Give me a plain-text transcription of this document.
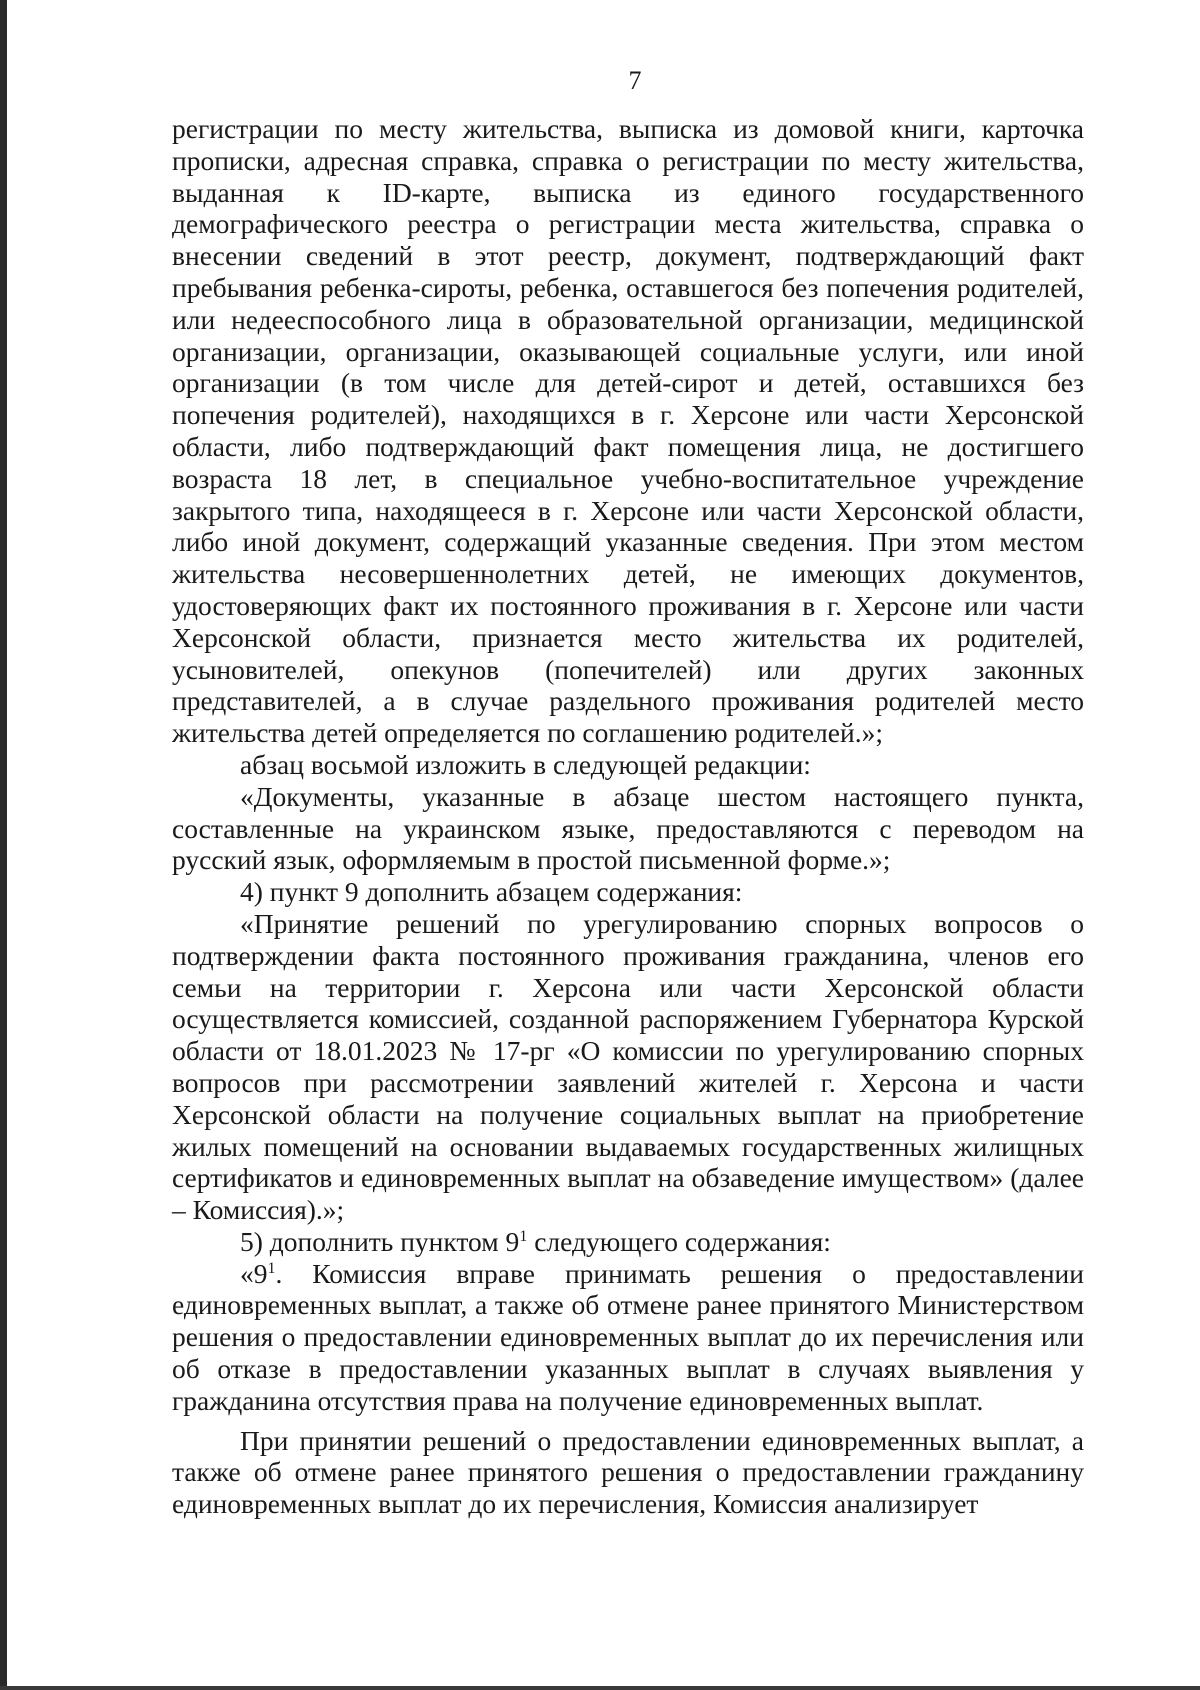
7

регистрации по месту жительства, выписка из домовой книги, карточка прописки, адресная справка, справка о регистрации по месту жительства, выданная к ID-карте, выписка из единого государственного демографического реестра о регистрации места жительства, справка о внесении сведений в этот реестр, документ, подтверждающий факт пребывания ребенка-сироты, ребенка, оставшегося без попечения родителей, или недееспособного лица в образовательной организации, медицинской организации, организации, оказывающей социальные услуги, или иной организации (в том числе для детей-сирот и детей, оставшихся без попечения родителей), находящихся в г. Херсоне или части Херсонской области, либо подтверждающий факт помещения лица, не достигшего возраста 18 лет, в специальное учебно-воспитательное учреждение закрытого типа, находящееся в г. Херсоне или части Херсонской области, либо иной документ, содержащий указанные сведения. При этом местом жительства несовершеннолетних детей, не имеющих документов, удостоверяющих факт их постоянного проживания в г. Херсоне или части Херсонской области, признается место жительства их родителей, усыновителей, опекунов (попечителей) или других законных представителей, а в случае раздельного проживания родителей место жительства детей определяется по соглашению родителей.»;

абзац восьмой изложить в следующей редакции:

«Документы, указанные в абзаце шестом настоящего пункта, составленные на украинском языке, предоставляются с переводом на русский язык, оформляемым в простой письменной форме.»;

4) пункт 9 дополнить абзацем содержания:

«Принятие решений по урегулированию спорных вопросов о подтверждении факта постоянного проживания гражданина, членов его семьи на территории г. Херсона или части Херсонской области осуществляется комиссией, созданной распоряжением Губернатора Курской области от 18.01.2023 № 17-рг «О комиссии по урегулированию спорных вопросов при рассмотрении заявлений жителей г. Херсона и части Херсонской области на получение социальных выплат на приобретение жилых помещений на основании выдаваемых государственных жилищных сертификатов и единовременных выплат на обзаведение имуществом» (далее – Комиссия).»;

5) дополнить пунктом $9^1$ следующего содержания:

«$9^1$. Комиссия вправе принимать решения о предоставлении единовременных выплат, а также об отмене ранее принятого Министерством решения о предоставлении единовременных выплат до их перечисления или об отказе в предоставлении указанных выплат в случаях выявления у гражданина отсутствия права на получение единовременных выплат.

При принятии решений о предоставлении единовременных выплат, а также об отмене ранее принятого решения о предоставлении гражданину единовременных выплат до их перечисления, Комиссия анализирует
